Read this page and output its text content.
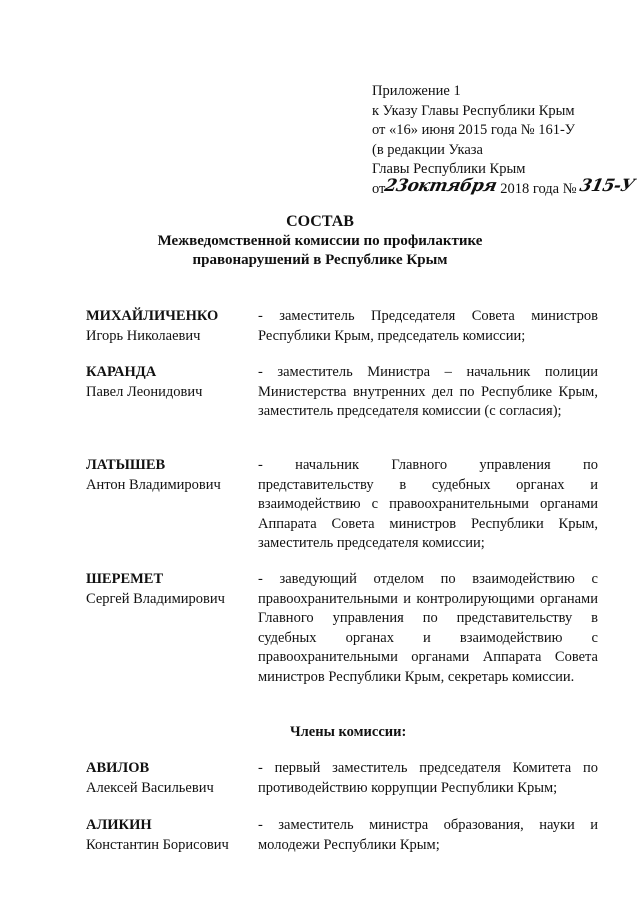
Приложение 1
к Указу Главы Республики Крым
от «16» июня 2015 года № 161-У
(в редакции Указа
Главы Республики Крым
от23октября 2018 года № 315-У
СОСТАВ
Межведомственной комиссии по профилактике
правонарушений в Республике Крым
МИХАЙЛИЧЕНКО
Игорь Николаевич
- заместитель Председателя Совета министров Республики Крым, председатель комиссии;
КАРАНДА
Павел Леонидович
- заместитель Министра – начальник полиции Министерства внутренних дел по Республике Крым, заместитель председателя комиссии (с согласия);
ЛАТЫШЕВ
Антон Владимирович
- начальник Главного управления по представительству в судебных органах и взаимодействию с правоохранительными органами Аппарата Совета министров Республики Крым, заместитель председателя комиссии;
ШЕРЕМЕТ
Сергей Владимирович
- заведующий отделом по взаимодействию с правоохранительными и контролирующими органами Главного управления по представительству в судебных органах и взаимодействию с правоохранительными органами Аппарата Совета министров Республики Крым, секретарь комиссии.
Члены комиссии:
АВИЛОВ
Алексей Васильевич
- первый заместитель председателя Комитета по противодействию коррупции Республики Крым;
АЛИКИН
Константин Борисович
- заместитель министра образования, науки и молодежи Республики Крым;
